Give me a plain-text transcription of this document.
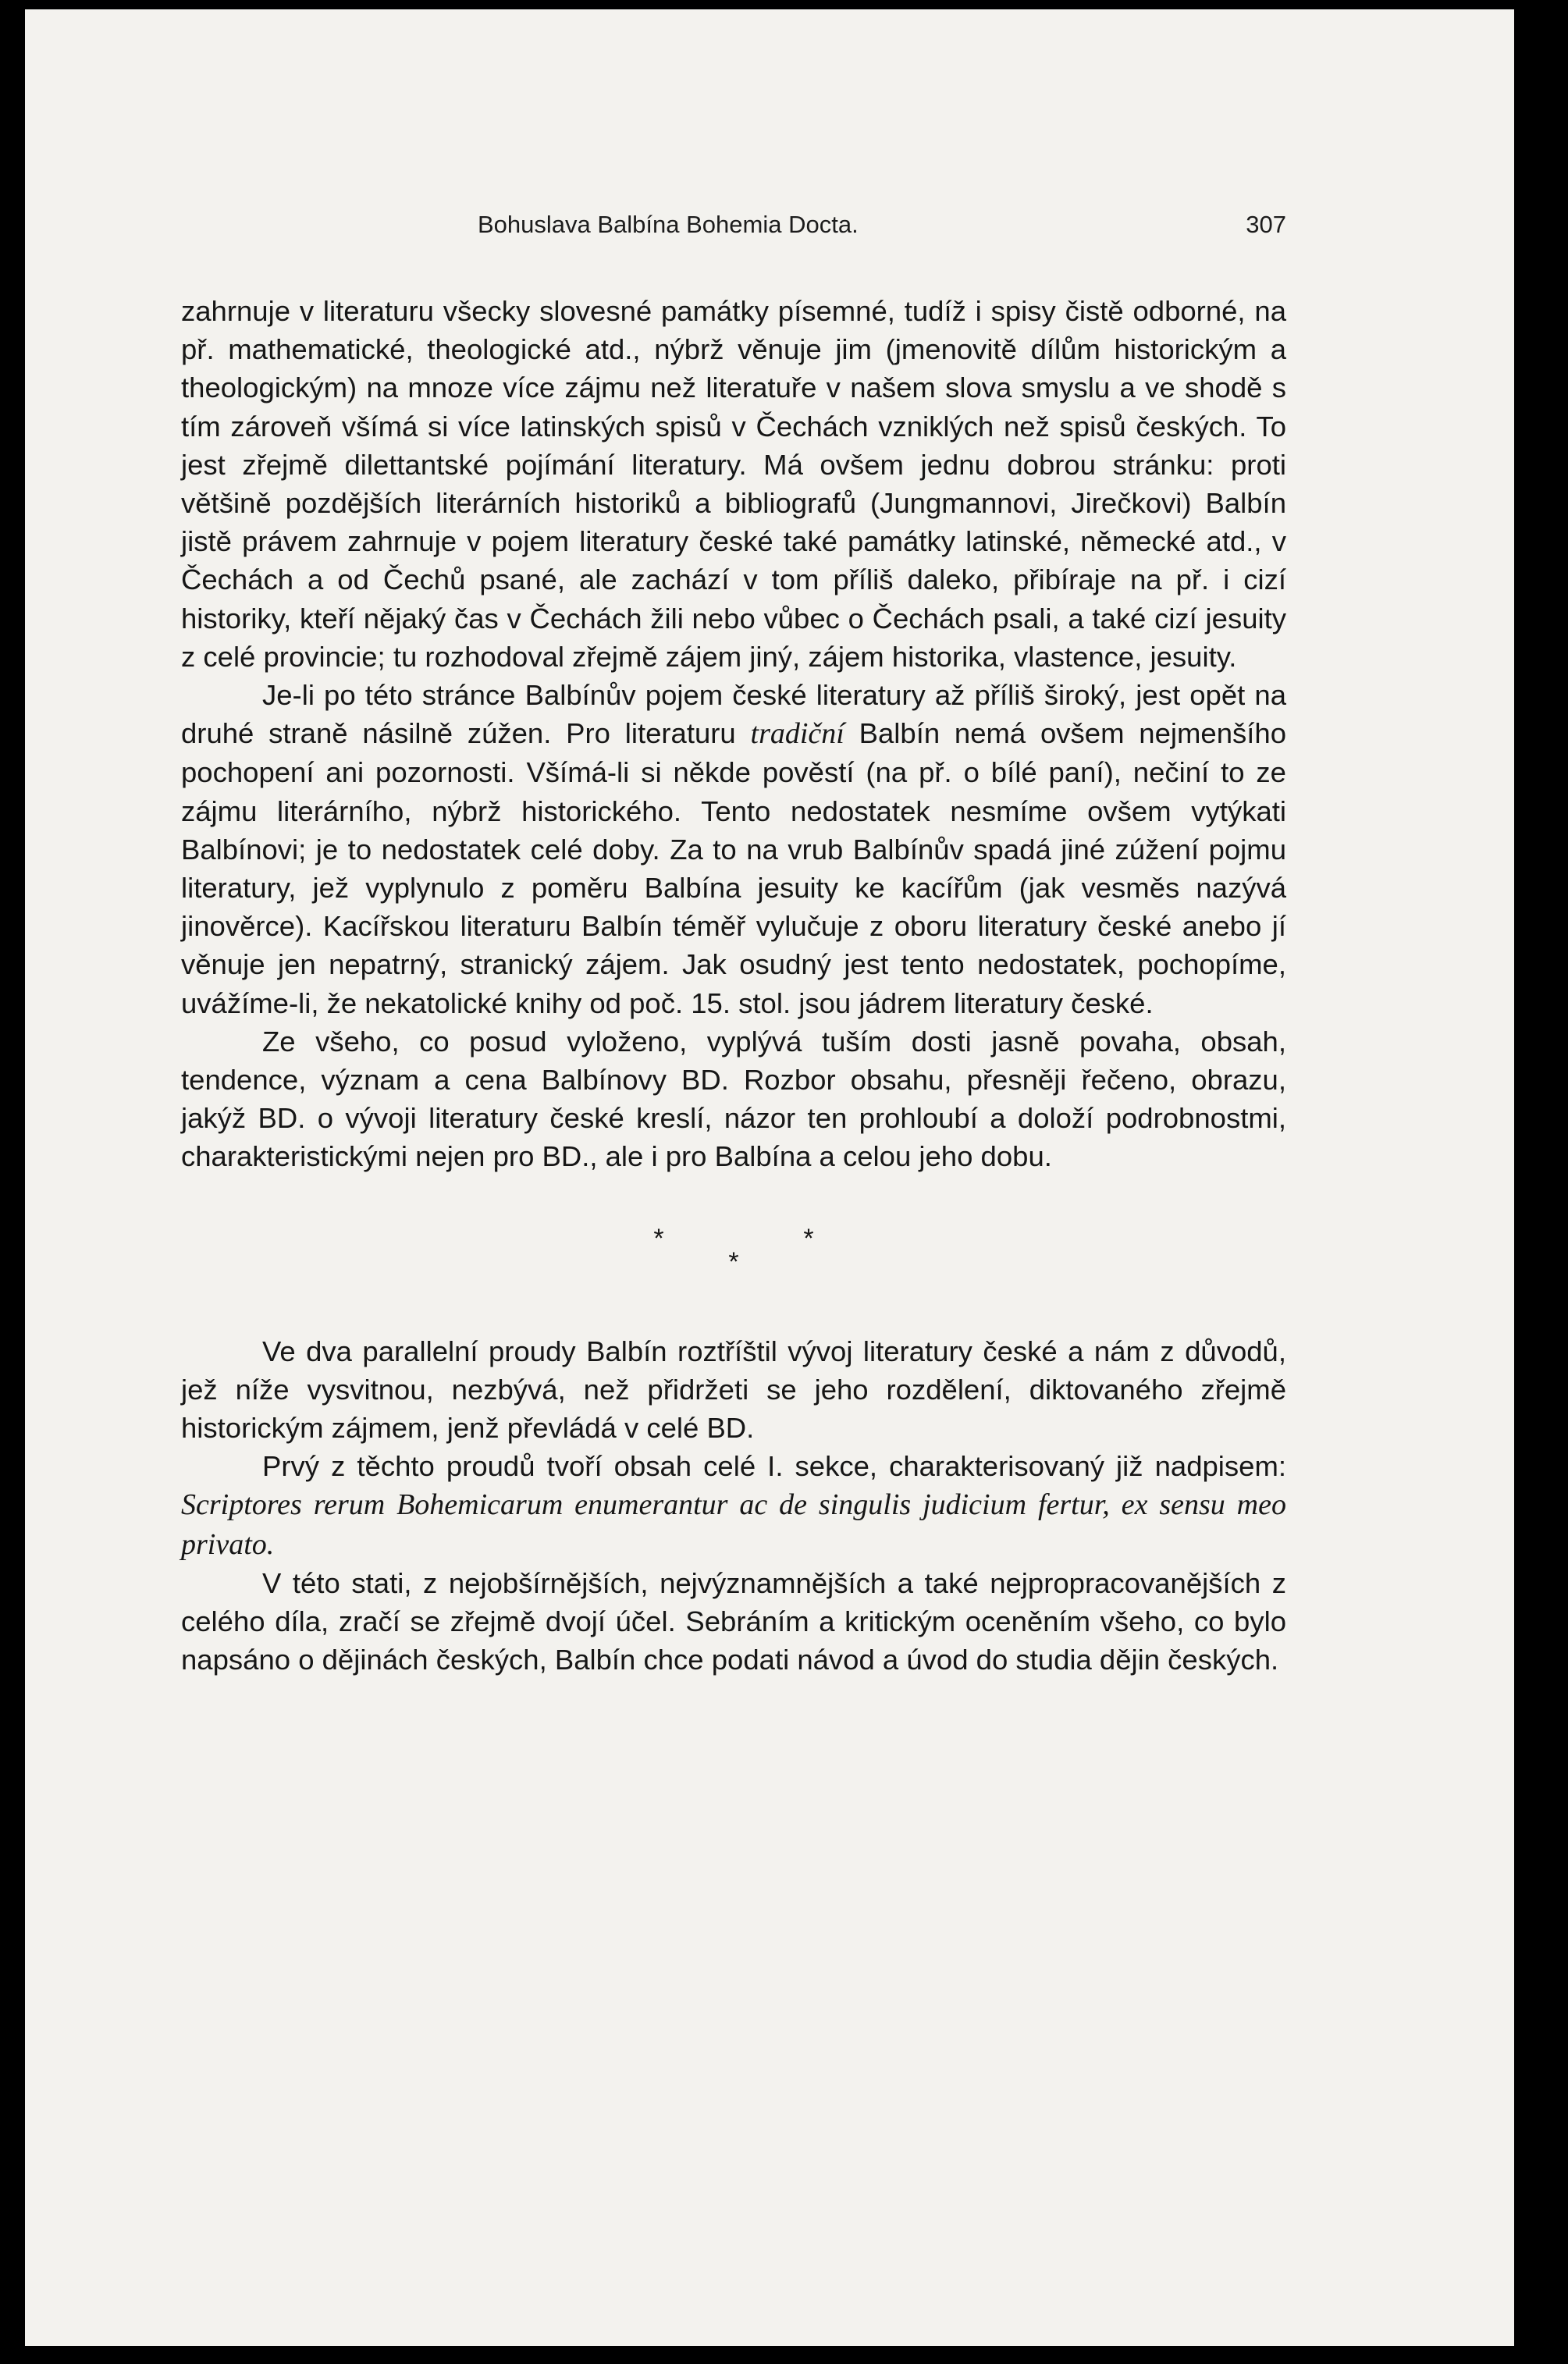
Bohuslava Balbína Bohemia Docta.	307

zahrnuje v literaturu všecky slovesné památky písemné, tudíž i spisy čistě odborné, na př. mathematické, theologické atd., nýbrž věnuje jim (jmenovitě dílům historickým a theologickým) na mnoze více zájmu než literatuře v našem slova smyslu a ve shodě s tím zároveň všímá si více latinských spisů v Čechách vzniklých než spisů českých. To jest zřejmě dilettantské pojímání literatury. Má ovšem jednu dobrou stránku: proti většině pozdějších literárních historiků a bibliografů (Jungmannovi, Jirečkovi) Balbín jistě právem zahrnuje v pojem literatury české také památky latinské, německé atd., v Čechách a od Čechů psané, ale zachází v tom příliš daleko, přibíraje na př. i cizí historiky, kteří nějaký čas v Čechách žili nebo vůbec o Čechách psali, a také cizí jesuity z celé provincie; tu rozhodoval zřejmě zájem jiný, zájem historika, vlastence, jesuity.

Je-li po této stránce Balbínův pojem české literatury až příliš široký, jest opět na druhé straně násilně zúžen. Pro literaturu tradiční Balbín nemá ovšem nejmenšího pochopení ani pozornosti. Všímá-li si někde pověstí (na př. o bílé paní), nečiní to ze zájmu literárního, nýbrž historického. Tento nedostatek nesmíme ovšem vytýkati Balbínovi; je to nedostatek celé doby. Za to na vrub Balbínův spadá jiné zúžení pojmu literatury, jež vyplynulo z poměru Balbína jesuity ke kacířům (jak vesměs nazývá jinověrce). Kacířskou literaturu Balbín téměř vylučuje z oboru literatury české anebo jí věnuje jen nepatrný, stranický zájem. Jak osudný jest tento nedostatek, pochopíme, uvážíme-li, že nekatolické knihy od poč. 15. stol. jsou jádrem literatury české.

Ze všeho, co posud vyloženo, vyplývá tuším dosti jasně povaha, obsah, tendence, význam a cena Balbínovy BD. Rozbor obsahu, přesněji řečeno, obrazu, jakýž BD. o vývoji literatury české kreslí, názor ten prohloubí a doloží podrobnostmi, charakteristickými nejen pro BD., ale i pro Balbína a celou jeho dobu.

*	*
*

Ve dva parallelní proudy Balbín roztříštil vývoj literatury české a nám z důvodů, jež níže vysvitnou, nezbývá, než přidržeti se jeho rozdělení, diktovaného zřejmě historickým zájmem, jenž převládá v celé BD.

Prvý z těchto proudů tvoří obsah celé I. sekce, charakterisovaný již nadpisem: Scriptores rerum Bohemicarum enumerantur ac de singulis judicium fertur, ex sensu meo privato.

V této stati, z nejobšírnějších, nejvýznamnějších a také nejpropracovanějších z celého díla, zračí se zřejmě dvojí účel. Sebráním a kritickým oceněním všeho, co bylo napsáno o dějinách českých, Balbín chce podati návod a úvod do studia dějin českých.
